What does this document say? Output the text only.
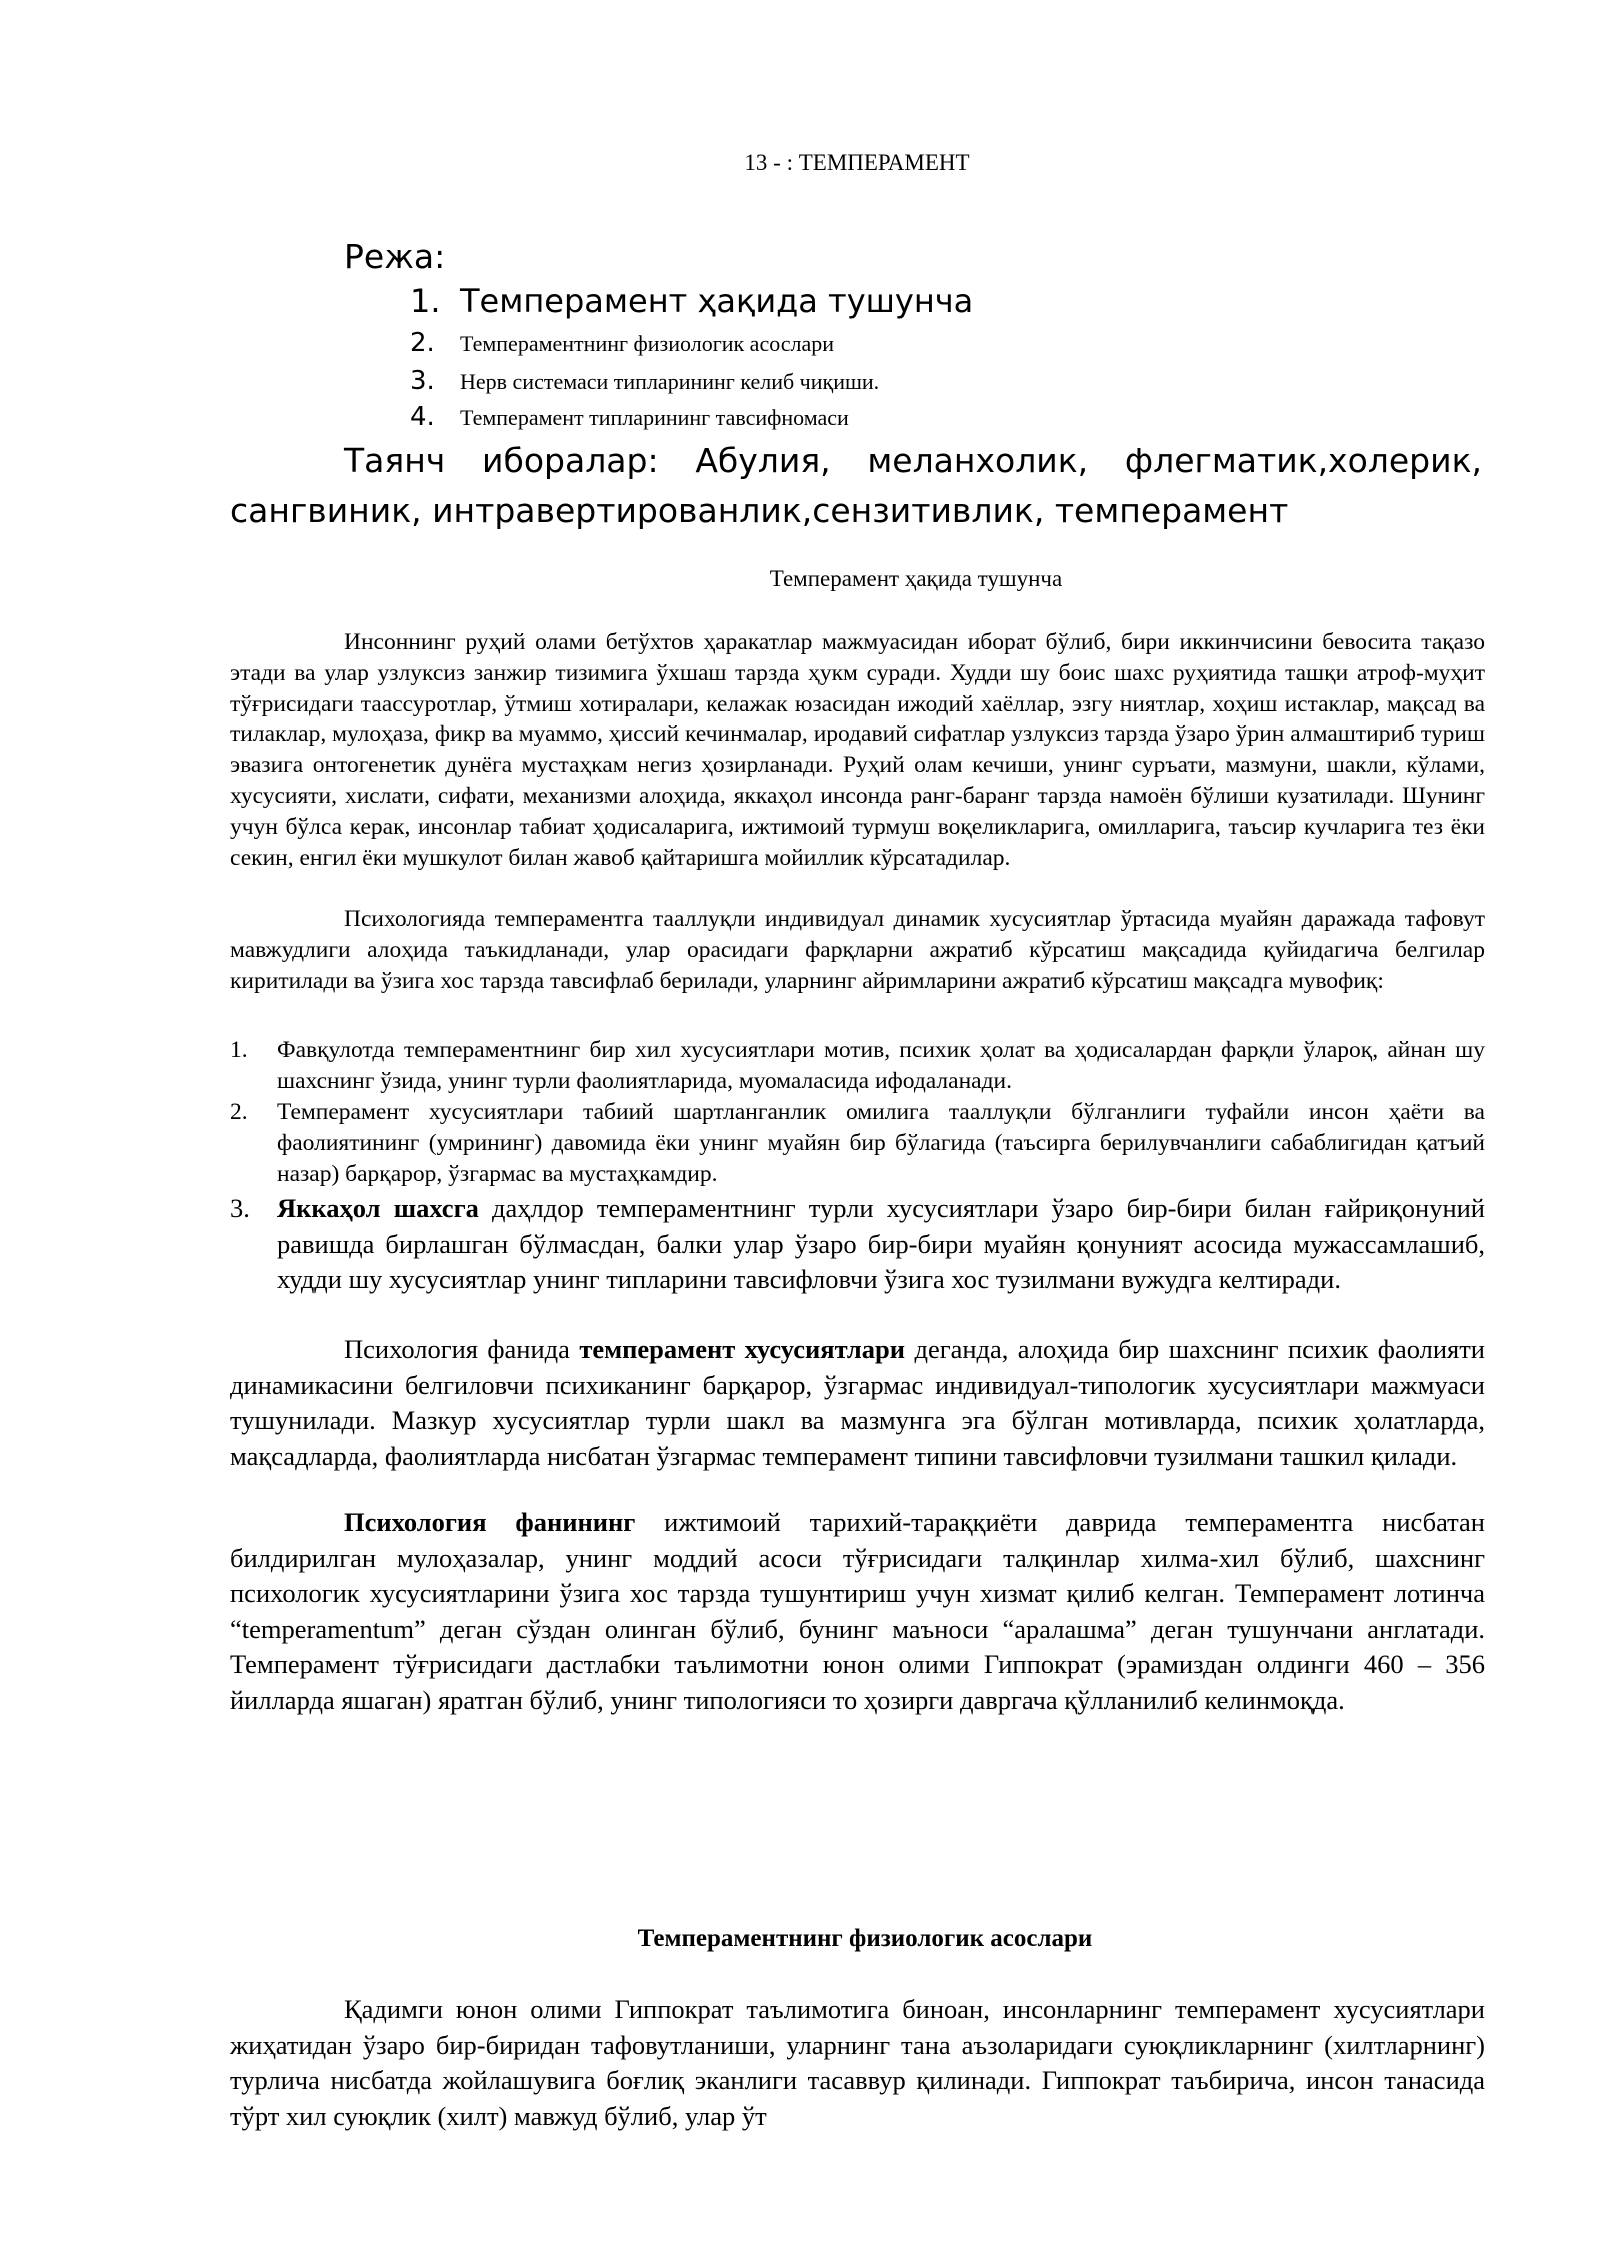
13 - : ТЕМПЕРАМЕНТ
Режа:
1. Темперамент ҳақида тушунча
2.	Темпераментнинг физиологик асослари
3.	Нерв системаси типларининг келиб чиқиши.
4.	Темперамент типларининг тавсифномаси
Таянч иборалар: Абулия, меланхолик, флегматик,холерик, сангвиник, интравертированлик,сензитивлик, темперамент
Темперамент ҳақида тушунча

Инсоннинг руҳий олами бетўхтов ҳаракатлар мажмуасидан иборат бўлиб, бири иккинчисини бевосита тақазо этади ва улар узлуксиз занжир тизимига ўхшаш тарзда ҳукм суради. Худди шу боис шахс руҳиятида ташқи атроф-муҳит тўғрисидаги таассуротлар, ўтмиш хотиралари, келажак юзасидан ижодий хаёллар, эзгу ниятлар, хоҳиш истаклар, мақсад ва тилаклар, мулоҳаза, фикр ва муаммо, ҳиссий кечинмалар, иродавий сифатлар узлуксиз тарзда ўзаро ўрин алмаштириб туриш эвазига онтогенетик дунёга мустаҳкам негиз ҳозирланади. Руҳий олам кечиши, унинг суръати, мазмуни, шакли, кўлами, хусусияти, хислати, сифати, механизми алоҳида, яккаҳол инсонда ранг-баранг тарзда намоён бўлиши кузатилади. Шунинг учун бўлса керак, инсонлар табиат ҳодисаларига, ижтимоий турмуш воқеликларига, омилларига, таъсир кучларига тез ёки секин, енгил ёки мушкулот билан жавоб қайтаришга мойиллик кўрсатадилар.

Психологияда темпераментга тааллуқли индивидуал динамик хусусиятлар ўртасида муайян даражада тафовут мавжудлиги алоҳида таъкидланади, улар орасидаги фарқларни ажратиб кўрсатиш мақсадида қуйидагича белгилар киритилади ва ўзига хос тарзда тавсифлаб берилади, уларнинг айримларини ажратиб кўрсатиш мақсадга мувофиқ:

1.	Фавқулотда темпераментнинг бир хил хусусиятлари мотив, психик ҳолат ва ҳодисалардан фарқли ўлароқ, айнан шу шахснинг ўзида, унинг турли фаолиятларида, муомаласида ифодаланади.
2.	Темперамент хусусиятлари табиий шартланганлик омилига тааллуқли бўлганлиги туфайли инсон ҳаёти ва фаолиятининг (умрининг) давомида ёки унинг муайян бир бўлагида (таъсирга берилувчанлиги сабаблигидан қатъий назар) барқарор, ўзгармас ва мустаҳкамдир.
3.	Яккаҳол шахсга даҳлдор темпераментнинг турли хусусиятлари ўзаро бир-бири билан ғайриқонуний равишда бирлашган бўлмасдан, балки улар ўзаро бир-бири муайян қонуният асосида мужассамлашиб, худди шу хусусиятлар унинг типларини тавсифловчи ўзига хос тузилмани вужудга келтиради.

Психология фанида темперамент хусусиятлари деганда, алоҳида бир шахснинг психик фаолияти динамикасини белгиловчи психиканинг барқарор, ўзгармас индивидуал-типологик хусусиятлари мажмуаси тушунилади. Мазкур хусусиятлар турли шакл ва мазмунга эга бўлган мотивларда, психик ҳолатларда, мақсадларда, фаолиятларда нисбатан ўзгармас темперамент типини тавсифловчи тузилмани ташкил қилади.

Психология фанининг ижтимоий тарихий-тараққиёти даврида темпераментга нисбатан билдирилган мулоҳазалар, унинг моддий асоси тўғрисидаги талқинлар хилма-хил бўлиб, шахснинг психологик хусусиятларини ўзига хос тарзда тушунтириш учун хизмат қилиб келган. Темперамент лотинча “temperamentum” деган сўздан олинган бўлиб, бунинг маъноси “аралашма” деган тушунчани англатади. Темперамент тўғрисидаги дастлабки таълимотни юнон олими Гиппократ (эрамиздан олдинги 460 – 356 йилларда яшаган) яратган бўлиб, унинг типологияси то ҳозирги давргача қўлланилиб келинмоқда.

Темпераментнинг физиологик асослари

Қадимги юнон олими Гиппократ таълимотига биноан, инсонларнинг темперамент хусусиятлари жиҳатидан ўзаро бир-биридан тафовутланиши, уларнинг тана аъзоларидаги суюқликларнинг (хилтларнинг) турлича нисбатда жойлашувига боғлиқ эканлиги тасаввур қилинади. Гиппократ таъбирича, инсон танасида тўрт хил суюқлик (хилт) мавжуд бўлиб, улар ўт
